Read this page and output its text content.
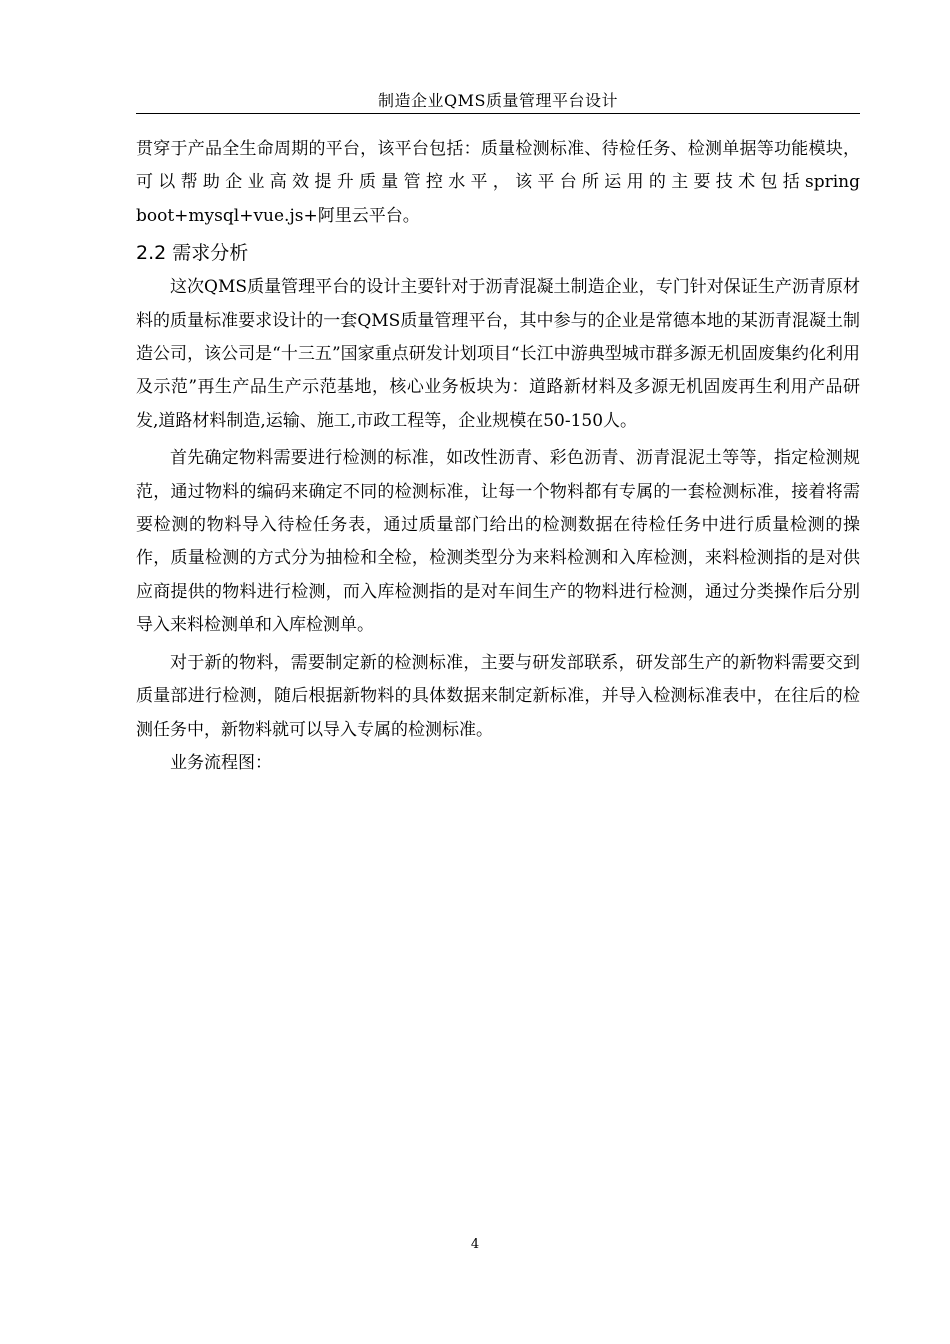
制造企业QMS质量管理平台设计

贯穿于产品全生命周期的平台，该平台包括：质量检测标准、待检任务、检测单据等功能模块，可以帮助企业高效提升质量管控水平，该平台所运用的主要技术包括spring boot+mysql+vue.js+阿里云平台。

2.2 需求分析

这次QMS质量管理平台的设计主要针对于沥青混凝土制造企业，专门针对保证生产沥青原材料的质量标准要求设计的一套QMS质量管理平台，其中参与的企业是常德本地的某沥青混凝土制造公司，该公司是“十三五”国家重点研发计划项目“长江中游典型城市群多源无机固废集约化利用及示范”再生产品生产示范基地，核心业务板块为：道路新材料及多源无机固废再生利用产品研发,道路材料制造,运输、施工,市政工程等，企业规模在50-150人。

首先确定物料需要进行检测的标准，如改性沥青、彩色沥青、沥青混泥土等等，指定检测规范，通过物料的编码来确定不同的检测标准，让每一个物料都有专属的一套检测标准，接着将需要检测的物料导入待检任务表，通过质量部门给出的检测数据在待检任务中进行质量检测的操作，质量检测的方式分为抽检和全检，检测类型分为来料检测和入库检测，来料检测指的是对供应商提供的物料进行检测，而入库检测指的是对车间生产的物料进行检测，通过分类操作后分别导入来料检测单和入库检测单。

对于新的物料，需要制定新的检测标准，主要与研发部联系，研发部生产的新物料需要交到质量部进行检测，随后根据新物料的具体数据来制定新标准，并导入检测标准表中，在往后的检测任务中，新物料就可以导入专属的检测标准。

业务流程图：

4
